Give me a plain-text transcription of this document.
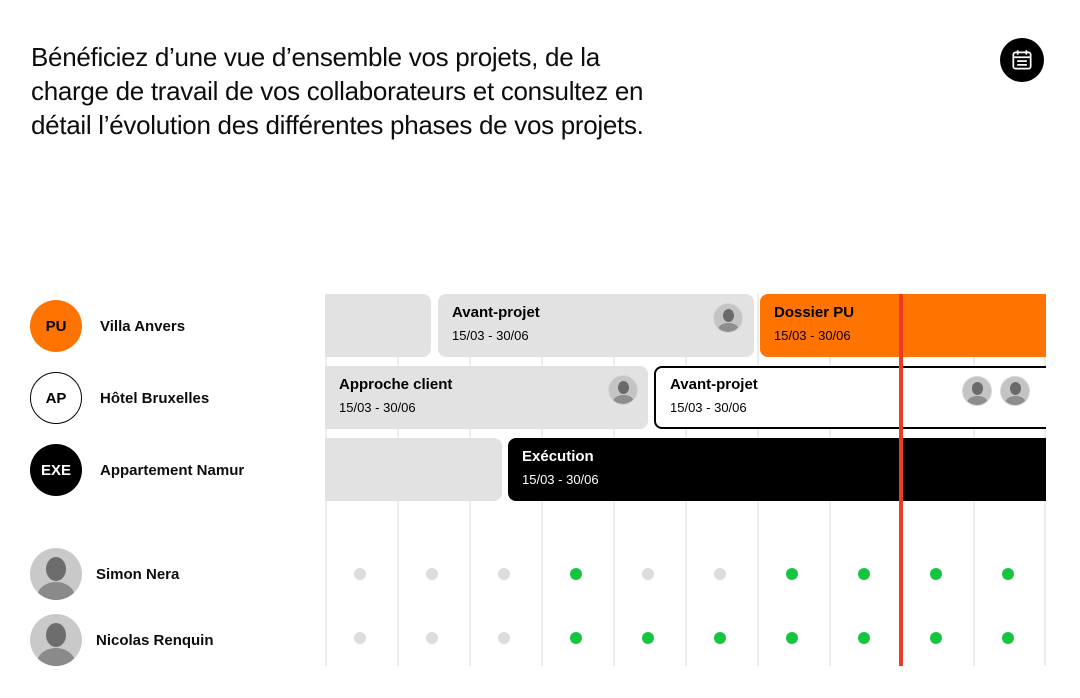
Bénéficiez d’une vue d’ensemble vos projets, de la charge de travail de vos collaborateurs et consultez en détail l’évolution des différentes phases de vos projets.

PU	Villa Anvers
AP	Hôtel Bruxelles
EXE	Appartement Namur
Simon Nera
Nicolas Renquin
Avant-projet
15/03 - 30/06
Dossier PU
15/03 - 30/06
Approche client
15/03 - 30/06
Avant-projet
15/03 - 30/06
Exécution
15/03 - 30/06
